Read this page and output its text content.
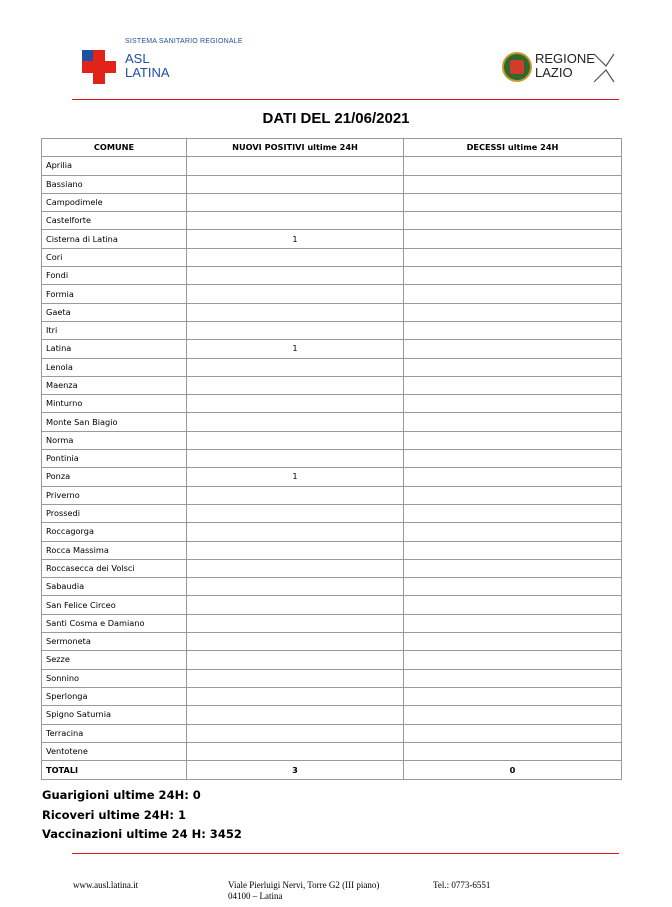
SISTEMA SANITARIO REGIONALE
ASL
LATINA
REGIONE
LAZIO
DATI DEL 21/06/2021
COMUNE	NUOVI POSITIVI ultime 24H	DECESSI ultime 24H
Aprilia		
Bassiano		
Campodimele		
Castelforte		
Cisterna di Latina	1	
Cori		
Fondi		
Formia		
Gaeta		
Itri		
Latina	1	
Lenola		
Maenza		
Minturno		
Monte San Biagio		
Norma		
Pontinia		
Ponza	1	
Priverno		
Prossedi		
Roccagorga		
Rocca Massima		
Roccasecca dei Volsci		
Sabaudia		
San Felice Circeo		
Santi Cosma e Damiano		
Sermoneta		
Sezze		
Sonnino		
Sperlonga		
Spigno Saturnia		
Terracina		
Ventotene		
TOTALI	3	0
Guarigioni ultime 24H: 0
Ricoveri ultime 24H: 1
Vaccinazioni ultime 24 H: 3452
www.ausl.latina.it	Viale Pierluigi Nervi, Torre G2 (III piano)
04100 – Latina
Tel.: 0773-6551
